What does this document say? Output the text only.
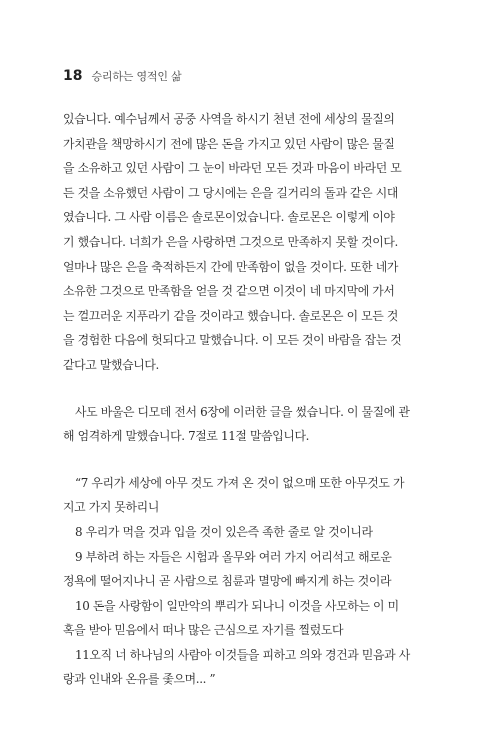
18 승리하는 영적인 삶

있습니다. 예수님께서 공중 사역을 하시기 천년 전에 세상의 물질의
가치관을 책망하시기 전에 많은 돈을 가지고 있던 사람이 많은 물질
을 소유하고 있던 사람이 그 눈이 바라던 모든 것과 마음이 바라던 모
든 것을 소유했던 사람이 그 당시에는 은을 길거리의 돌과 같은 시대
였습니다. 그 사람 이름은 솔로몬이었습니다. 솔로몬은 이렇게 이야
기 했습니다. 너희가 은을 사랑하면 그것으로 만족하지 못할 것이다.
얼마나 많은 은을 축적하든지 간에 만족함이 없을 것이다. 또한 네가
소유한 그것으로 만족함을 얻을 것 같으면 이것이 네 마지막에 가서
는 껄끄러운 지푸라기 같을 것이라고 했습니다. 솔로몬은 이 모든 것
을 경험한 다음에 헛되다고 말했습니다. 이 모든 것이 바람을 잡는 것
같다고 말했습니다.

사도 바울은 디모데 전서 6장에 이러한 글을 썼습니다. 이 물질에 관
해 엄격하게 말했습니다. 7절로 11절 말씀입니다.

“7 우리가 세상에 아무 것도 가져 온 것이 없으매 또한 아무것도 가
지고 가지 못하리니
8 우리가 먹을 것과 입을 것이 있은즉 족한 줄로 알 것이니라
9 부하려 하는 자들은 시험과 올무와 여러 가지 어리석고 해로운
정욕에 떨어지나니 곧 사람으로 침륜과 멸망에 빠지게 하는 것이라
10 돈을 사랑함이 일만악의 뿌리가 되나니 이것을 사모하는 이 미
혹을 받아 믿음에서 떠나 많은 근심으로 자기를 찔렀도다
11오직 너 하나님의 사람아 이것들을 피하고 의와 경건과 믿음과 사
랑과 인내와 온유를 좇으며... ”
